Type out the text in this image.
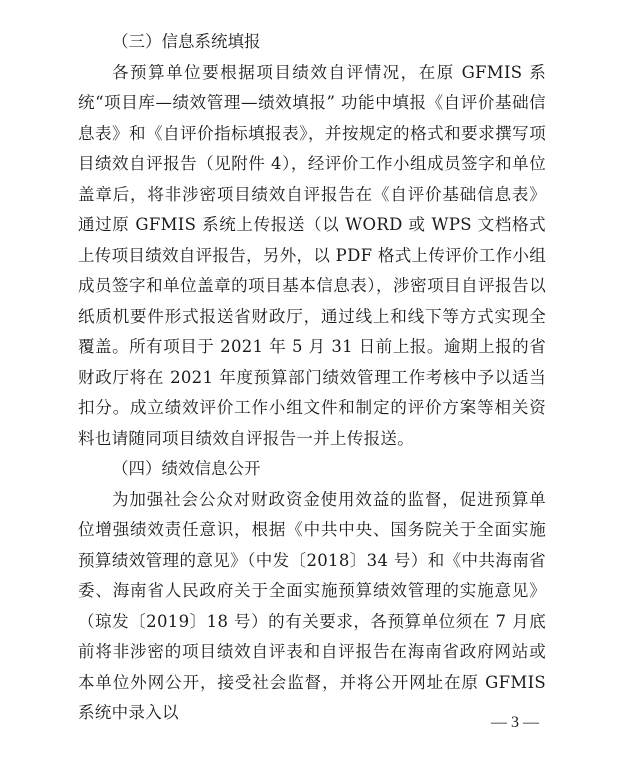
（三）信息系统填报

各预算单位要根据项目绩效自评情况，在原 GFMIS 系统“项目库—绩效管理—绩效填报” 功能中填报《自评价基础信息表》和《自评价指标填报表》，并按规定的格式和要求撰写项目绩效自评报告（见附件 4），经评价工作小组成员签字和单位盖章后，将非涉密项目绩效自评报告在《自评价基础信息表》通过原 GFMIS 系统上传报送（以 WORD 或 WPS 文档格式上传项目绩效自评报告，另外，以 PDF 格式上传评价工作小组成员签字和单位盖章的项目基本信息表），涉密项目自评报告以纸质机要件形式报送省财政厅，通过线上和线下等方式实现全覆盖。所有项目于 2021 年 5 月 31 日前上报。逾期上报的省财政厅将在 2021 年度预算部门绩效管理工作考核中予以适当扣分。成立绩效评价工作小组文件和制定的评价方案等相关资料也请随同项目绩效自评报告一并上传报送。

（四）绩效信息公开

为加强社会公众对财政资金使用效益的监督，促进预算单位增强绩效责任意识，根据《中共中央、国务院关于全面实施预算绩效管理的意见》（中发〔2018〕34 号）和《中共海南省委、海南省人民政府关于全面实施预算绩效管理的实施意见》（琼发〔2019〕18 号）的有关要求，各预算单位须在 7 月底前将非涉密的项目绩效自评表和自评报告在海南省政府网站或本单位外网公开，接受社会监督，并将公开网址在原 GFMIS 系统中录入以

— 3 —
